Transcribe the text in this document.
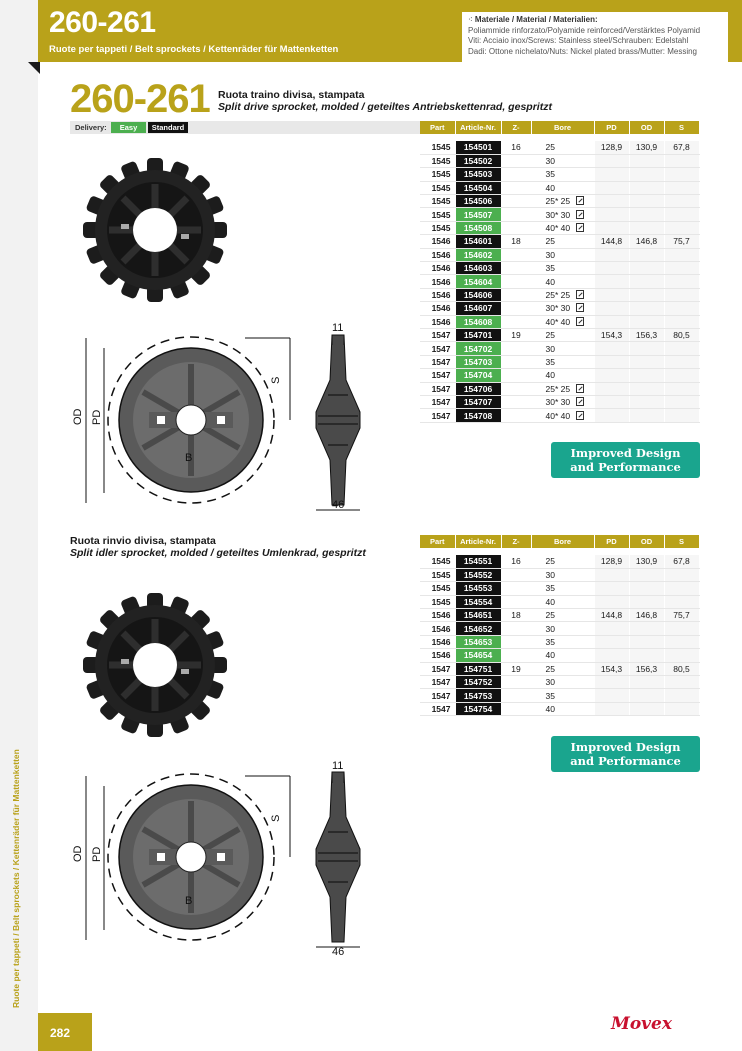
Ruote per tappeti / Belt sprockets / Kettenräder für Mattenketten
282
260-261
Ruote per tappeti / Belt sprockets / Kettenräder für Mattenketten
⁖ Materiale / Material / Materialien:
Poliammide rinforzato/Polyamide reinforced/Verstärktes Polyamid
Viti: Acciaio inox/Screws: Stainless steel/Schrauben: Edelstahl
Dadi: Ottone nichelato/Nuts: Nickel plated brass/Mutter: Messing
260-261 Ruota traino divisa, stampata
Split drive sprocket, molded / geteiltes Antriebskettenrad, gespritzt
Delivery:	Easy	Standard	Part	Article-Nr.	Z-	Bore	PD	OD	S

1545	154501	16	25	128,9	130,9	67,8
1545	154502		30			
1545	154503		35			
1545	154504		40			
1545	154506		25* 25			
1545	154507		30* 30			
1545	154508		40* 40			
1546	154601	18	25	144,8	146,8	75,7
1546	154602		30			
1546	154603		35			
1546	154604		40			
1546	154606		25* 25			
1546	154607		30* 30			
1546	154608		40* 40			
1547	154701	19	25	154,3	156,3	80,5
1547	154702		30			
1547	154703		35			
1547	154704		40			
1547	154706		25* 25			
1547	154707		30* 30			
1547	154708		40* 40			
Improved Design
and Performance
Ruota rinvio divisa, stampata
Split idler sprocket, molded / geteiltes Umlenkrad, gespritzt
Part	Article-Nr.	Z-	Bore	PD	OD	S

1545	154551	16	25	128,9	130,9	67,8
1545	154552		30			
1545	154553		35			
1545	154554		40			
1546	154651	18	25	144,8	146,8	75,7
1546	154652		30			
1546	154653		35			
1546	154654		40			
1547	154751	19	25	154,3	156,3	80,5
1547	154752		30			
1547	154753		35			
1547	154754		40			
Improved Design
and Performance
OD PD
S
B
11
46
OD PD
S
B
11
46
Movex
